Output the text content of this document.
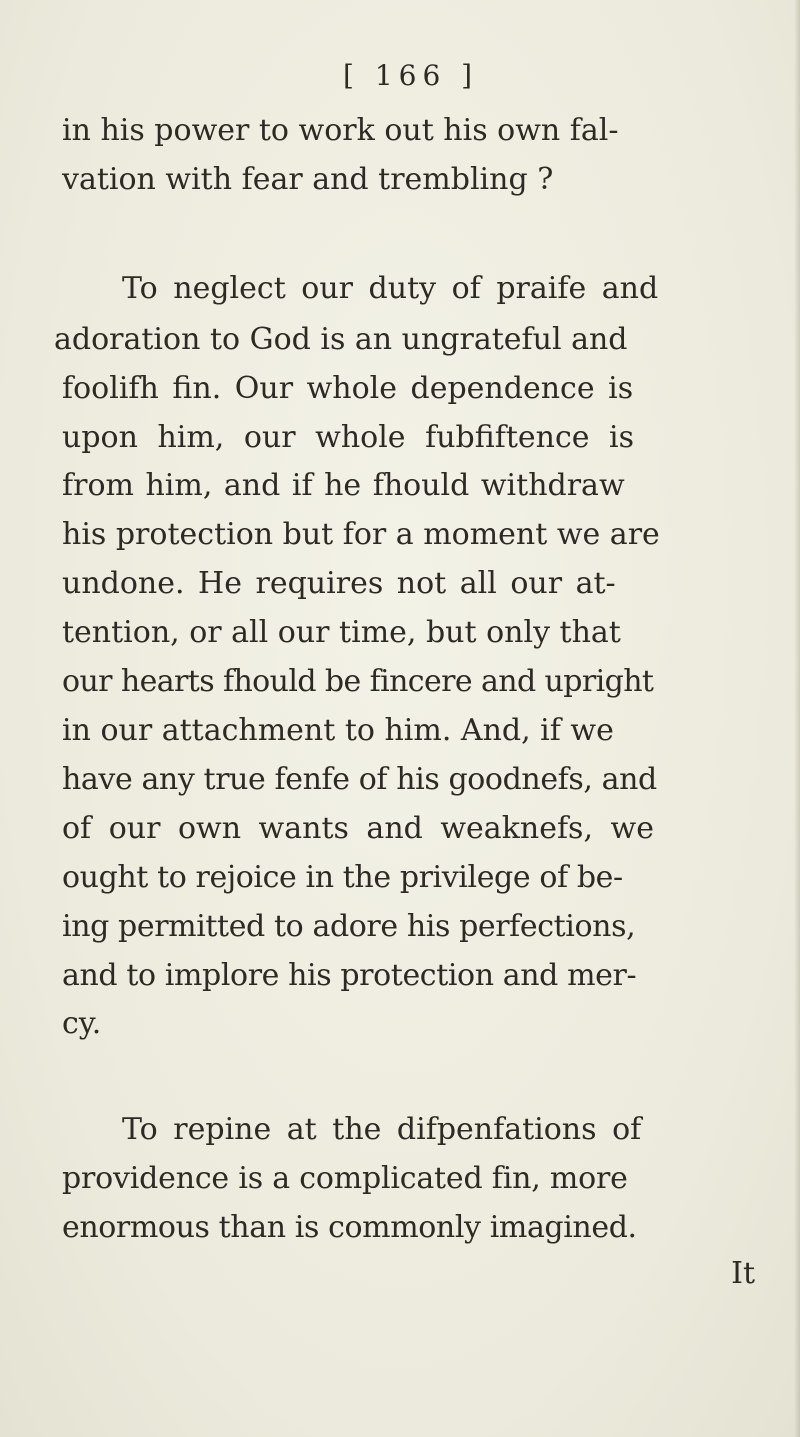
[ 166 ]
in his power to work out his own fal-
vation with fear and trembling ?
To neglect our duty of praife and
adoration to God is an ungrateful and
foolifh fin. Our whole dependence is
upon him, our whole fubfiftence is
from him, and if he fhould withdraw
his protection but for a moment we are
undone. He requires not all our at-
tention, or all our time, but only that
our hearts fhould be fincere and upright
in our attachment to him. And, if we
have any true fenfe of his goodnefs, and
of our own wants and weaknefs, we
ought to rejoice in the privilege of be-
ing permitted to adore his perfections,
and to implore his protection and mer-
cy.
To repine at the difpenfations of
providence is a complicated fin, more
enormous than is commonly imagined.
It
